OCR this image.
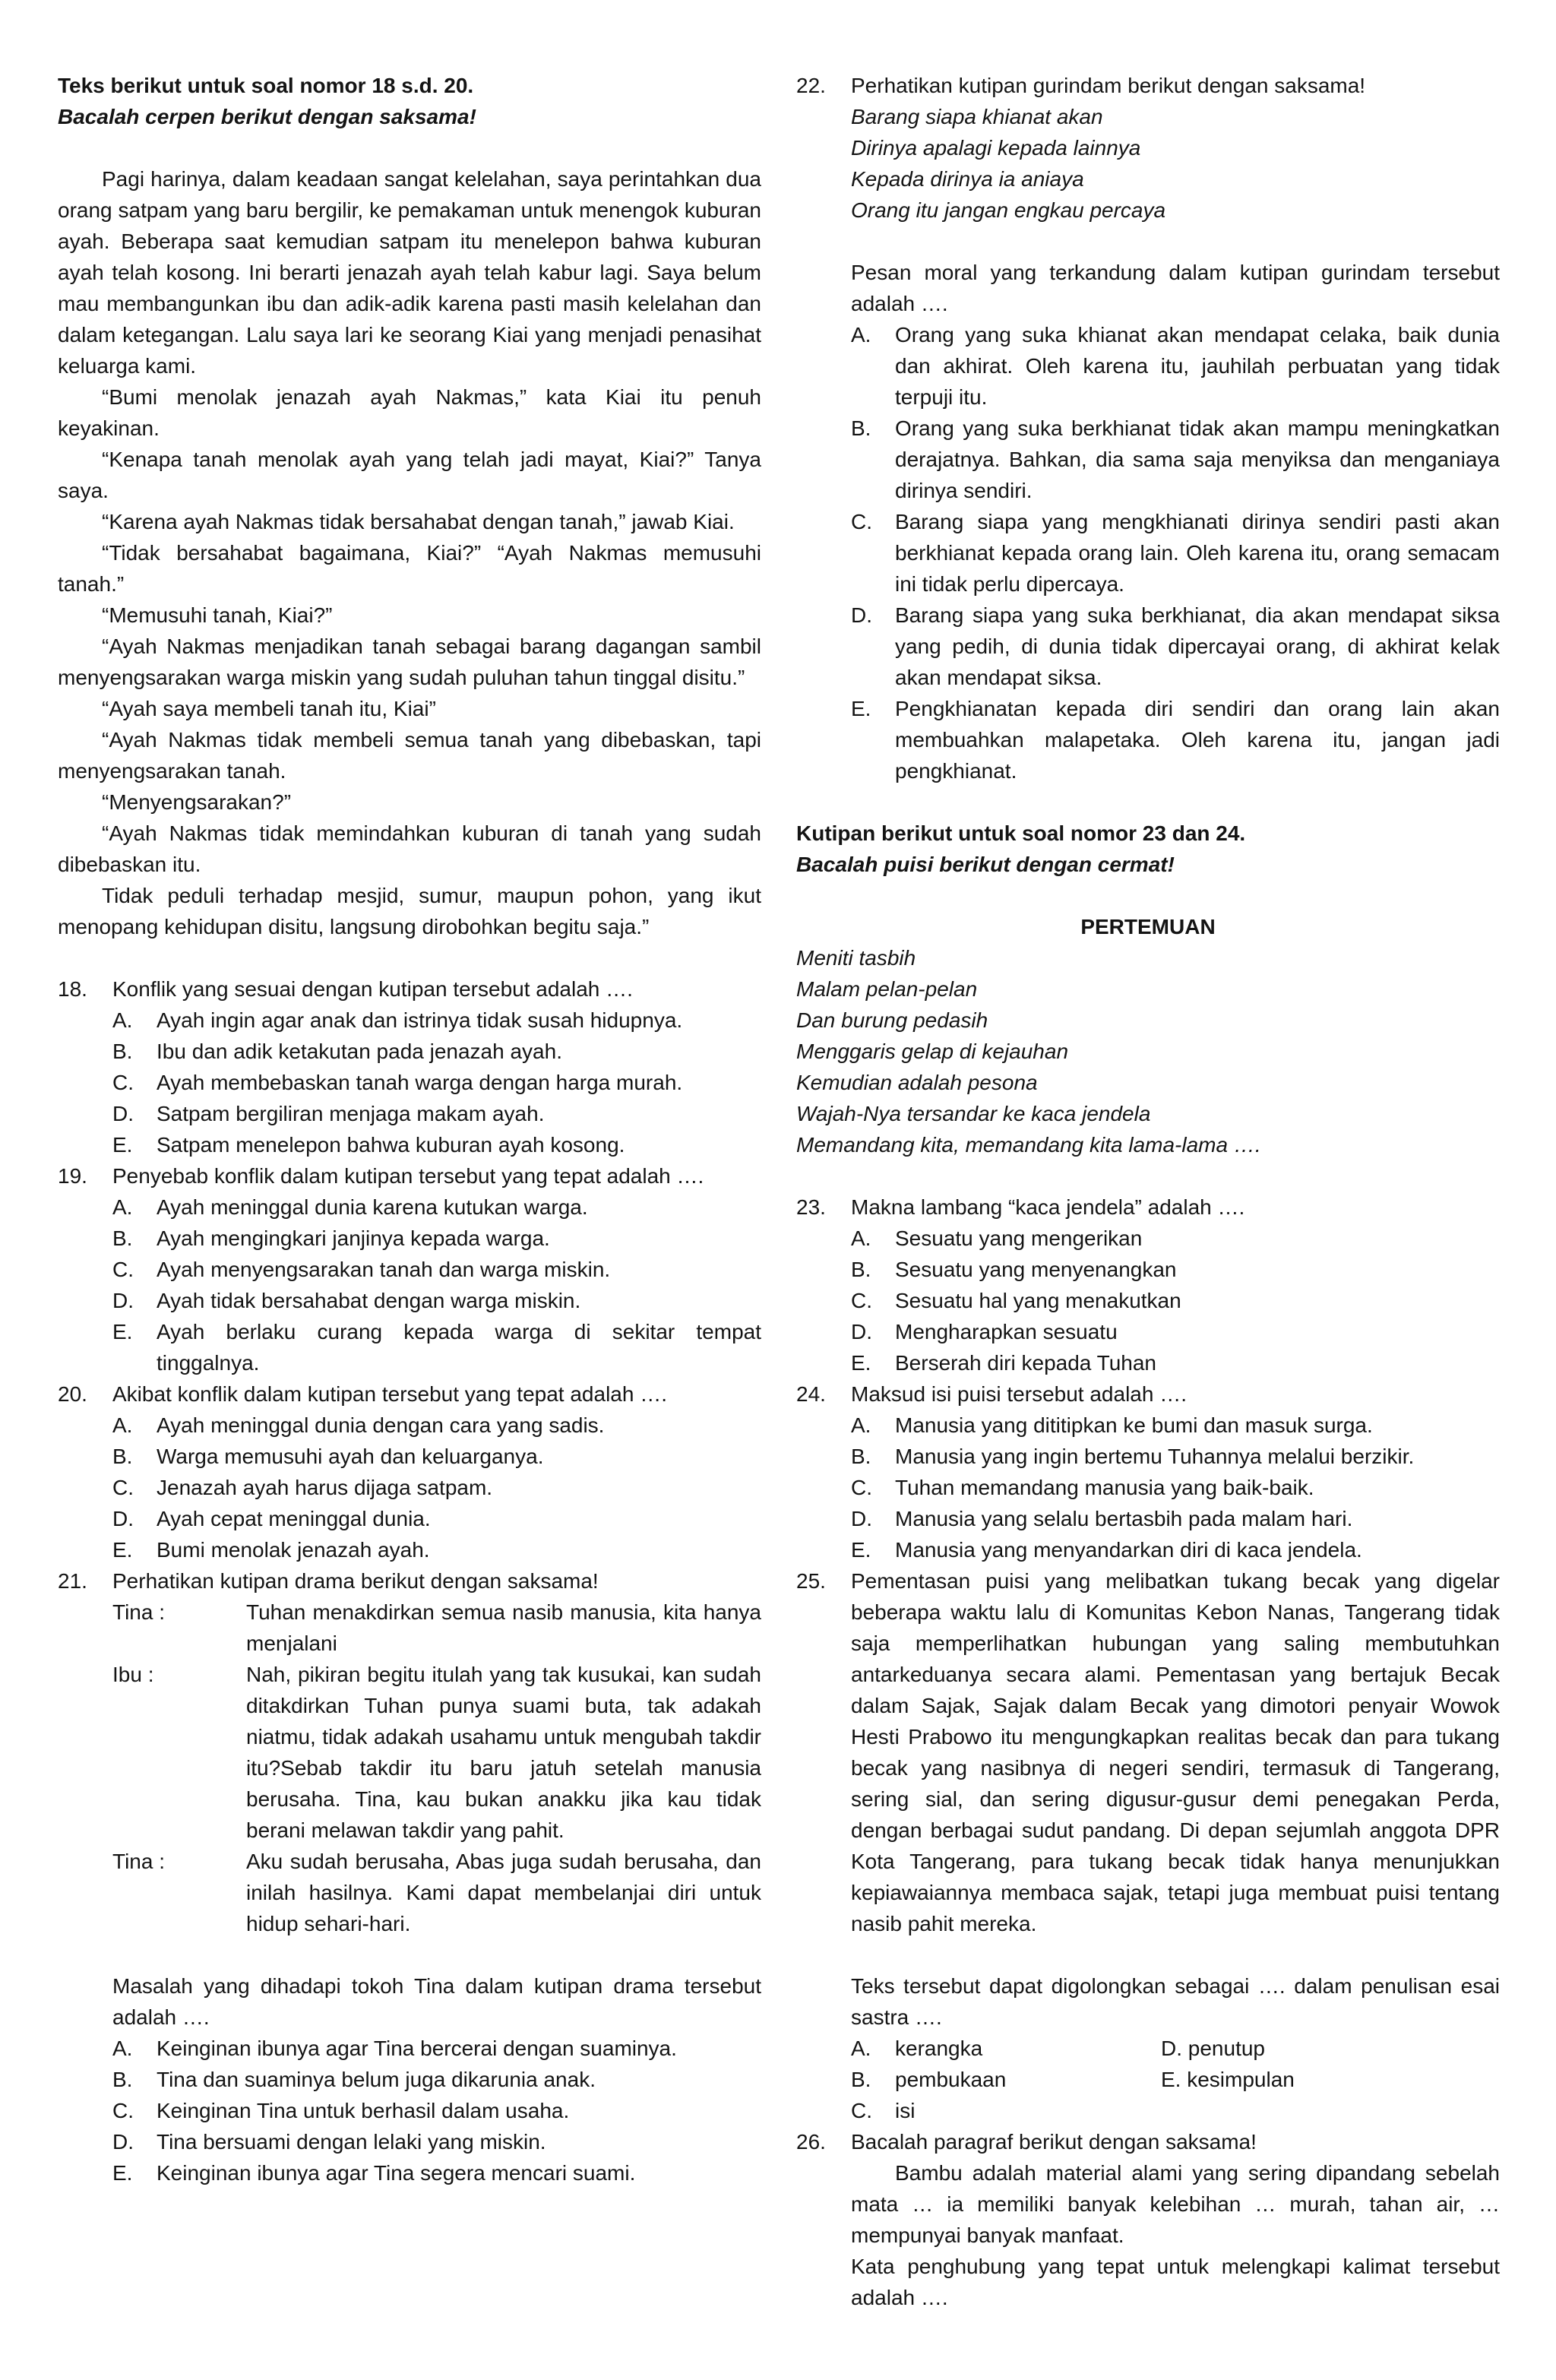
Teks berikut untuk soal nomor 18 s.d. 20.

Bacalah cerpen berikut dengan saksama!

Pagi harinya, dalam keadaan sangat kelelahan, saya perintahkan dua orang satpam yang baru bergilir, ke pemakaman untuk menengok kuburan ayah. Beberapa saat kemudian satpam itu menelepon bahwa kuburan ayah telah kosong. Ini berarti jenazah ayah telah kabur lagi. Saya belum mau membangunkan ibu dan adik-adik karena pasti masih kelelahan dan dalam ketegangan. Lalu saya lari ke seorang Kiai yang menjadi penasihat keluarga kami.

“Bumi menolak jenazah ayah Nakmas,” kata Kiai itu penuh keyakinan.

“Kenapa tanah menolak ayah yang telah jadi mayat, Kiai?” Tanya saya.

“Karena ayah Nakmas tidak bersahabat dengan tanah,” jawab Kiai.

“Tidak bersahabat bagaimana, Kiai?” “Ayah Nakmas memusuhi tanah.”

“Memusuhi tanah, Kiai?”

“Ayah Nakmas menjadikan tanah sebagai barang dagangan sambil menyengsarakan warga miskin yang sudah puluhan tahun tinggal disitu.”

“Ayah saya membeli tanah itu, Kiai”

“Ayah Nakmas tidak membeli semua tanah yang dibebaskan, tapi menyengsarakan tanah.

“Menyengsarakan?”

“Ayah Nakmas tidak memindahkan kuburan di tanah yang sudah dibebaskan itu.

Tidak peduli terhadap mesjid, sumur, maupun pohon, yang ikut menopang kehidupan disitu, langsung dirobohkan begitu saja.”

18. Konflik yang sesuai dengan kutipan tersebut adalah ….

A. Ayah ingin agar anak dan istrinya tidak susah hidupnya.

B. Ibu dan adik ketakutan pada jenazah ayah.

C. Ayah membebaskan tanah warga dengan harga murah.

D. Satpam bergiliran menjaga makam ayah.

E. Satpam menelepon bahwa kuburan ayah kosong.

19. Penyebab konflik dalam kutipan tersebut yang tepat adalah ….

A. Ayah meninggal dunia karena kutukan warga.

B. Ayah mengingkari janjinya kepada warga.

C. Ayah menyengsarakan tanah dan warga miskin.

D. Ayah tidak bersahabat dengan warga miskin.

E. Ayah berlaku curang kepada warga di sekitar tempat tinggalnya.

20. Akibat konflik dalam kutipan tersebut yang tepat adalah ….

A. Ayah meninggal dunia dengan cara yang sadis.

B. Warga memusuhi ayah dan keluarganya.

C. Jenazah ayah harus dijaga satpam.

D. Ayah cepat meninggal dunia.

E. Bumi menolak jenazah ayah.

21. Perhatikan kutipan drama berikut dengan saksama!

Tina :	Tuhan menakdirkan semua nasib manusia, kita hanya menjalani

Ibu :	Nah, pikiran begitu itulah yang tak kusukai, kan sudah ditakdirkan Tuhan punya suami buta, tak adakah niatmu, tidak adakah usahamu untuk mengubah takdir itu?Sebab takdir itu baru jatuh setelah manusia berusaha. Tina, kau bukan anakku jika kau tidak berani melawan takdir yang pahit.

Tina :	Aku sudah berusaha, Abas juga sudah berusaha, dan inilah hasilnya. Kami dapat membelanjai diri untuk hidup sehari-hari.

Masalah yang dihadapi tokoh Tina dalam kutipan drama tersebut adalah ….

A. Keinginan ibunya agar Tina bercerai dengan suaminya.

B. Tina dan suaminya belum juga dikarunia anak.

C. Keinginan Tina untuk berhasil dalam usaha.

D. Tina bersuami dengan lelaki yang miskin.

E. Keinginan ibunya agar Tina segera mencari suami.

22. Perhatikan kutipan gurindam berikut dengan saksama!

Barang siapa khianat akan

Dirinya apalagi kepada lainnya

Kepada dirinya ia aniaya

Orang itu jangan engkau percaya

Pesan moral yang terkandung dalam kutipan gurindam tersebut adalah ….

A. Orang yang suka khianat akan mendapat celaka, baik dunia dan akhirat. Oleh karena itu, jauhilah perbuatan yang tidak terpuji itu.

B. Orang yang suka berkhianat tidak akan mampu meningkatkan derajatnya. Bahkan, dia sama saja menyiksa dan menganiaya dirinya sendiri.

C. Barang siapa yang mengkhianati dirinya sendiri pasti akan berkhianat kepada orang lain. Oleh karena itu, orang semacam ini tidak perlu dipercaya.

D. Barang siapa yang suka berkhianat, dia akan mendapat siksa yang pedih, di dunia tidak dipercayai orang, di akhirat kelak akan mendapat siksa.

E. Pengkhianatan kepada diri sendiri dan orang lain akan membuahkan malapetaka. Oleh karena itu, jangan jadi pengkhianat.

Kutipan berikut untuk soal nomor 23 dan 24.

Bacalah puisi berikut dengan cermat!

PERTEMUAN

Meniti tasbih

Malam pelan-pelan

Dan burung pedasih

Menggaris gelap di kejauhan

Kemudian adalah pesona

Wajah-Nya tersandar ke kaca jendela

Memandang kita, memandang kita lama-lama ….

23. Makna lambang “kaca jendela” adalah ….

A. Sesuatu yang mengerikan

B. Sesuatu yang menyenangkan

C. Sesuatu hal yang menakutkan

D. Mengharapkan sesuatu

E. Berserah diri kepada Tuhan

24. Maksud isi puisi tersebut adalah ….

A. Manusia yang dititipkan ke bumi dan masuk surga.

B. Manusia yang ingin bertemu Tuhannya melalui berzikir.

C. Tuhan memandang manusia yang baik-baik.

D. Manusia yang selalu bertasbih pada malam hari.

E. Manusia yang menyandarkan diri di kaca jendela.

25. Pementasan puisi yang melibatkan tukang becak yang digelar beberapa waktu lalu di Komunitas Kebon Nanas, Tangerang tidak saja memperlihatkan hubungan yang saling membutuhkan antarkeduanya secara alami. Pementasan yang bertajuk Becak dalam Sajak, Sajak dalam Becak yang dimotori penyair Wowok Hesti Prabowo itu mengungkapkan realitas becak dan para tukang becak yang nasibnya di negeri sendiri, termasuk di Tangerang, sering sial, dan sering digusur-gusur demi penegakan Perda, dengan berbagai sudut pandang. Di depan sejumlah anggota DPR Kota Tangerang, para tukang becak tidak hanya menunjukkan kepiawaiannya membaca sajak, tetapi juga membuat puisi tentang nasib pahit mereka.

Teks tersebut dapat digolongkan sebagai …. dalam penulisan esai sastra ….

A. kerangka	D. penutup

B. pembukaan	E. kesimpulan

C. isi

26. Bacalah paragraf berikut dengan saksama!

Bambu adalah material alami yang sering dipandang sebelah mata … ia memiliki banyak kelebihan … murah, tahan air, … mempunyai banyak manfaat.

Kata penghubung yang tepat untuk melengkapi kalimat tersebut adalah ….
